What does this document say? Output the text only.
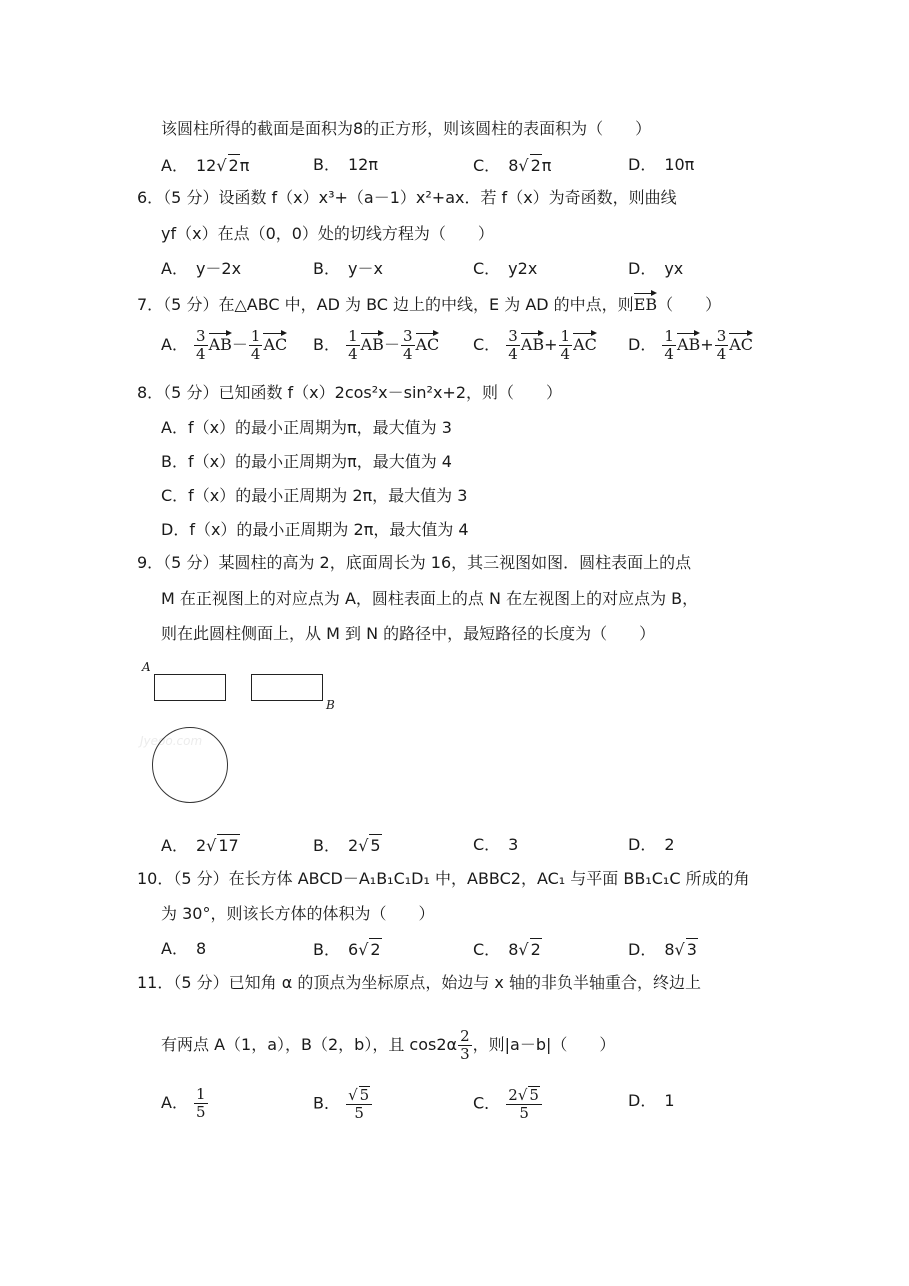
该圆柱所得的截面是面积为8的正方形，则该圆柱的表面积为（　　）
A．　 12√ 2π	B．　12π	C．　 8√ 2π	D．　10π
6．（5 分）设函数 f（x）x³+（a－1）x²+ax．若 f（x）为奇函数，则曲线
yf（x）在点（0，0）处的切线方程为（　　）
A．　y－2x	B．　y－x	C．　y2x	D．　yx
7．（5 分）在△ABC 中，AD 为 BC 边上的中线，E 为 AD 的中点，则EB（　　）
A． $\frac{3}{4} AB- \frac{1}{4}$ AC B． $\frac{1}{4} AB- \frac{3}{4}$ AC C． $\frac{3}{4} AB+ \frac{1}{4}$ AC D． $\frac{1}{4} AB+ \frac{3}{4}$ AC
8．（5 分）已知函数 f（x）2cos²x－sin²x+2，则（　　）
A．f（x）的最小正周期为π，最大值为 3
B．f（x）的最小正周期为π，最大值为 4
C．f（x）的最小正周期为 2π，最大值为 3
D．f（x）的最小正周期为 2π，最大值为 4
9．（5 分）某圆柱的高为 2，底面周长为 16，其三视图如图．圆柱表面上的点
M 在正视图上的对应点为 A，圆柱表面上的点 N 在左视图上的对应点为 B，
则在此圆柱侧面上，从 M 到 N 的路径中，最短路径的长度为（　　）
A
B
Jyeoo.com
A．　 2√ 17	B．　 2√ 5	C．　3	D．　2
10．（5 分）在长方体 ABCD－A₁B₁C₁D₁ 中，ABBC2，AC₁ 与平面 BB₁C₁C 所成的角
为 30°，则该长方体的体积为（　　）
A．　8	B．　 6√ 2	C．　 8√ 2	D．　 8√ 3
11．（5 分）已知角 α 的顶点为坐标原点，始边与 x 轴的非负半轴重合，终边上
有两点 A（1，a），B（2，b），且 $\cos 2\alpha \frac{2}{3}$ ，则|a－b|（　　）
A． $\frac{1}{5}$	B． $\frac{√ 5}{5}$	C． $\frac{2√ 5}{5}$	D．　1
